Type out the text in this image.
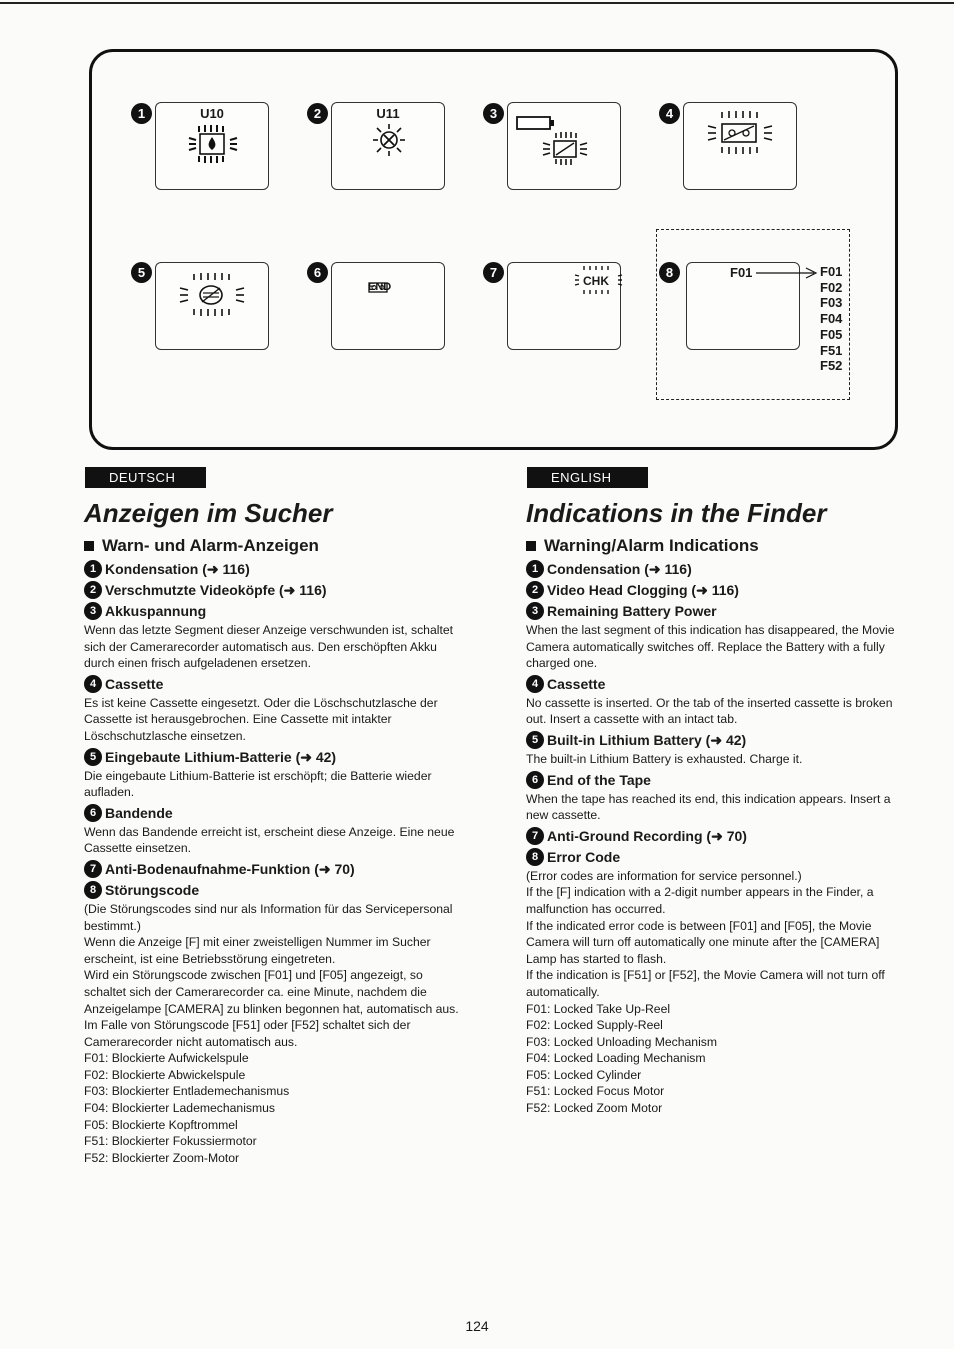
1	U10	2	U11	3	4
5	6
END
7
CHK
8	F01	F01
F02
F03
F04
F05
F51
F52
DEUTSCH	ENGLISH
Anzeigen im Sucher
Warn- und Alarm-Anzeigen
1 Kondensation (➜ 116)
2 Verschmutzte Videoköpfe (➜ 116)
3 Akkuspannung

Wenn das letzte Segment dieser Anzeige verschwunden ist, schaltet sich der Camerarecorder automatisch aus. Den erschöpften Akku durch einen frisch aufgeladenen ersetzen.

4 Cassette

Es ist keine Cassette eingesetzt. Oder die Löschschutzlasche der Cassette ist herausgebrochen. Eine Cassette mit intakter Löschschutzlasche einsetzen.

5 Eingebaute Lithium-Batterie (➜ 42)

Die eingebaute Lithium-Batterie ist erschöpft; die Batterie wieder aufladen.

6 Bandende

Wenn das Bandende erreicht ist, erscheint diese Anzeige. Eine neue Cassette einsetzen.

7 Anti-Bodenaufnahme-Funktion (➜ 70)
8 Störungscode

(Die Störungscodes sind nur als Information für das Servicepersonal bestimmt.)

Wenn die Anzeige [F] mit einer zweistelligen Nummer im Sucher erscheint, ist eine Betriebsstörung eingetreten.

Wird ein Störungscode zwischen [F01] und [F05] angezeigt, so schaltet sich der Camerarecorder ca. eine Minute, nachdem die Anzeigelampe [CAMERA] zu blinken begonnen hat, automatisch aus.

Im Falle von Störungscode [F51] oder [F52] schaltet sich der Camerarecorder nicht automatisch aus.

F01: Blockierte Aufwickelspule

F02: Blockierte Abwickelspule

F03: Blockierter Entlademechanismus

F04: Blockierter Lademechanismus

F05: Blockierte Kopftrommel

F51: Blockierter Fokussiermotor

F52: Blockierter Zoom-Motor

Indications in the Finder
Warning/Alarm Indications
1 Condensation (➜ 116)
2 Video Head Clogging (➜ 116)
3 Remaining Battery Power

When the last segment of this indication has disappeared, the Movie Camera automatically switches off. Replace the Battery with a fully charged one.

4 Cassette

No cassette is inserted. Or the tab of the inserted cassette is broken out. Insert a cassette with an intact tab.

5 Built-in Lithium Battery (➜ 42)

The built-in Lithium Battery is exhausted. Charge it.

6 End of the Tape

When the tape has reached its end, this indication appears. Insert a new cassette.

7 Anti-Ground Recording (➜ 70)
8 Error Code

(Error codes are information for service personnel.)

If the [F] indication with a 2-digit number appears in the Finder, a malfunction has occurred.

If the indicated error code is between [F01] and [F05], the Movie Camera will turn off automatically one minute after the [CAMERA] Lamp has started to flash.

If the indication is [F51] or [F52], the Movie Camera will not turn off automatically.

F01: Locked Take Up-Reel

F02: Locked Supply-Reel

F03: Locked Unloading Mechanism

F04: Locked Loading Mechanism

F05: Locked Cylinder

F51: Locked Focus Motor

F52: Locked Zoom Motor

124
